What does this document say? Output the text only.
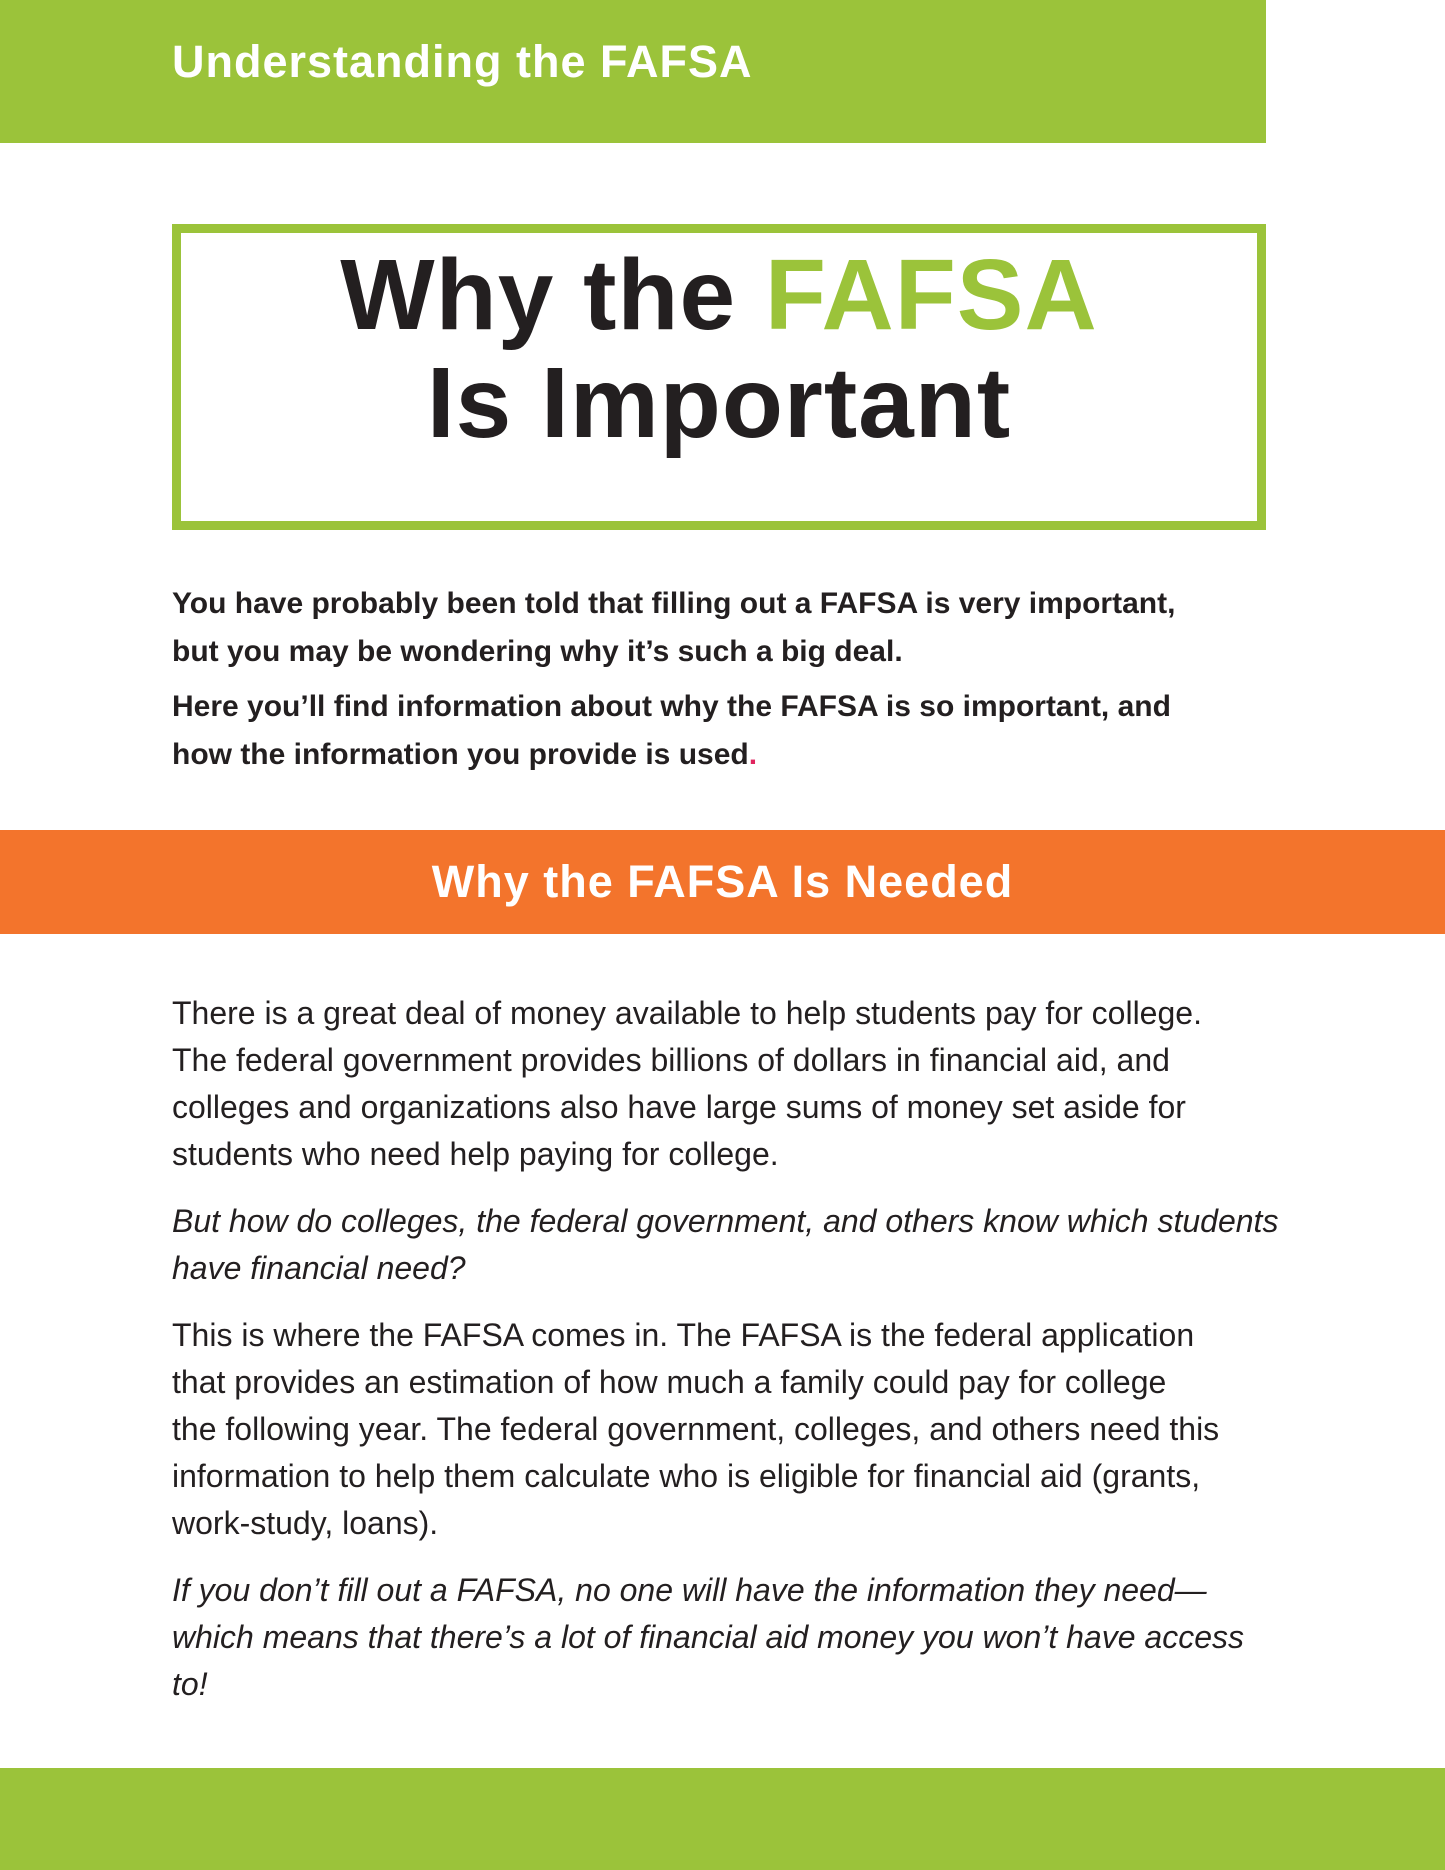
Understanding the FAFSA
Why the FAFSA
Is Important

You have probably been told that filling out a FAFSA is very important,
but you may be wondering why it’s such a big deal.

Here you’ll find information about why the FAFSA is so important, and
how the information you provide is used.

Why the FAFSA Is Needed

There is a great deal of money available to help students pay for college.
The federal government provides billions of dollars in financial aid, and
colleges and organizations also have large sums of money set aside for
students who need help paying for college.

But how do colleges, the federal government, and others know which students
have financial need?

This is where the FAFSA comes in. The FAFSA is the federal application
that provides an estimation of how much a family could pay for college
the following year. The federal government, colleges, and others need this
information to help them calculate who is eligible for financial aid (grants,
work-study, loans).

If you don’t fill out a FAFSA, no one will have the information they need—
which means that there’s a lot of financial aid money you won’t have access
to!
